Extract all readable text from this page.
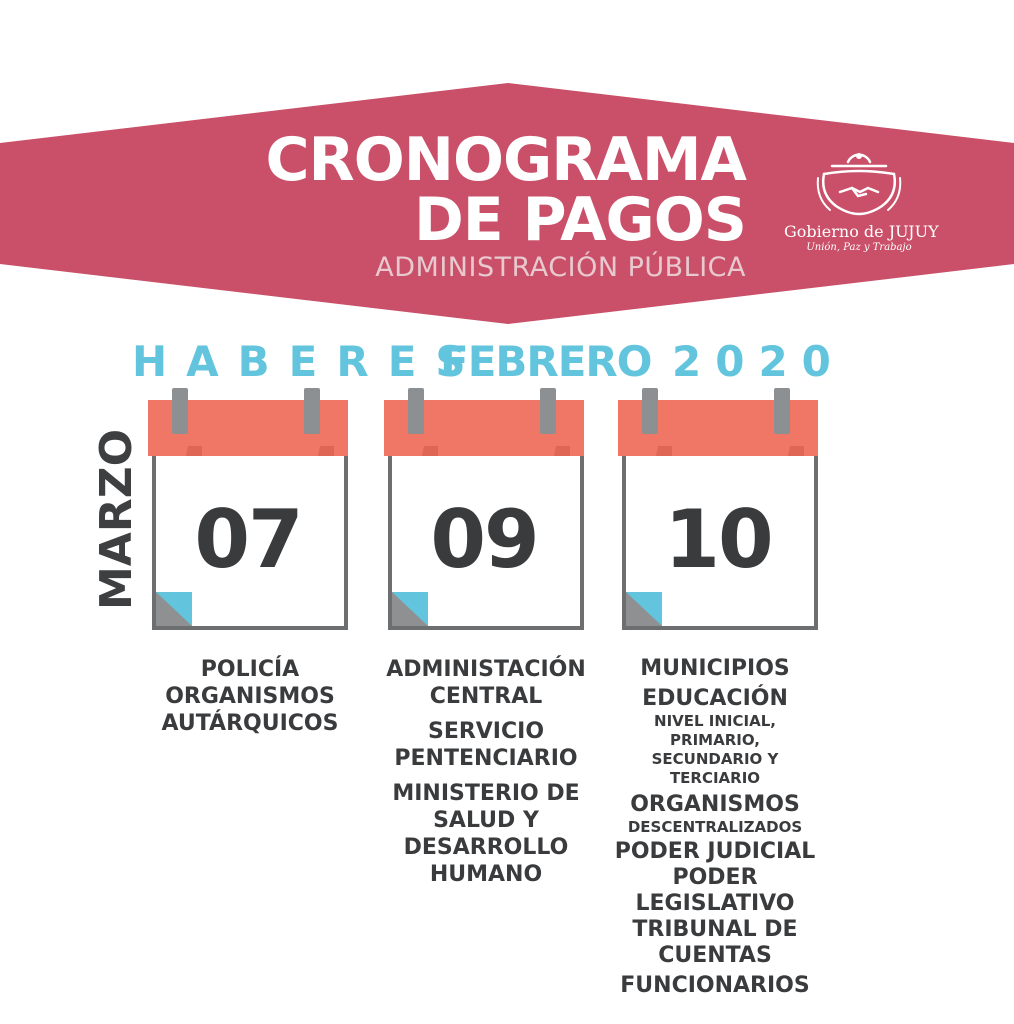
CRONOGRAMA
DE PAGOS
ADMINISTRACIÓN PÚBLICA
Gobierno de JUJUY
Unión, Paz y Trabajo
HABERES
FEBRERO 2020
MARZO 07	09	10
POLICÍA
ORGANISMOS AUTÁRQUICOS
ADMINISTACIÓN CENTRAL
SERVICIO PENTENCIARIO
MINISTERIO DE SALUD Y DESARROLLO HUMANO
MUNICIPIOS
EDUCACIÓN
NIVEL INICIAL, PRIMARIO, SECUNDARIO Y TERCIARIO
ORGANISMOS
DESCENTRALIZADOS
PODER JUDICIAL
PODER LEGISLATIVO
TRIBUNAL DE CUENTAS
FUNCIONARIOS
